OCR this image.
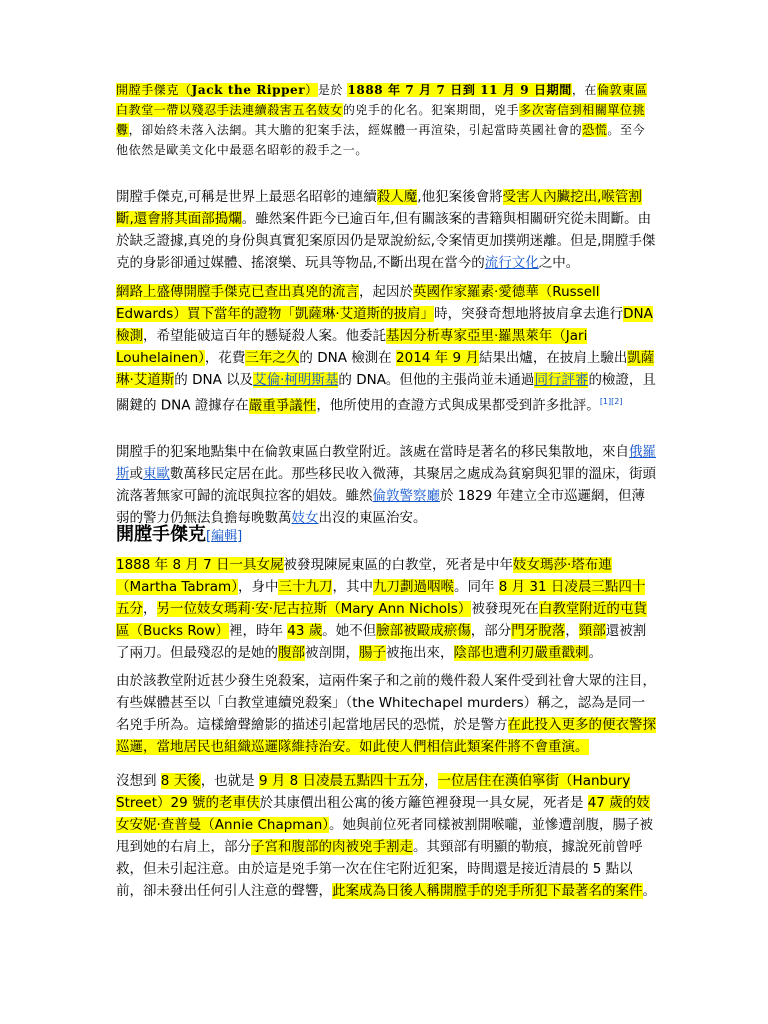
開膛手傑克（Jack the Ripper）是於 1888 年 7 月 7 日到 11 月 9 日期間，在倫敦東區白教堂一帶以殘忍手法連續殺害五名妓女的兇手的化名。犯案期間，兇手多次寄信到相關單位挑釁，卻始終未落入法網。其大膽的犯案手法，經媒體一再渲染，引起當時英國社會的恐慌。至今他依然是歐美文化中最惡名昭彰的殺手之一。

開膛手傑克,可稱是世界上最惡名昭彰的連續殺人魔,他犯案後會將受害人內臟挖出,喉管割斷,還會將其面部搗爛。雖然案件距今已逾百年,但有關該案的書籍與相關研究從未間斷。由於缺乏證據,真兇的身份與真實犯案原因仍是眾說紛紜,令案情更加撲朔迷離。但是,開膛手傑克的身影卻通过媒體、搖滾樂、玩具等物品,不斷出現在當今的流行文化之中。

網路上盛傳開膛手傑克已查出真兇的流言，起因於英國作家羅素·愛德華（Russell Edwards）買下當年的證物「凱薩琳·艾道斯的披肩」時，突發奇想地將披肩拿去進行DNA 檢測，希望能破這百年的懸疑殺人案。他委託基因分析專家亞里·羅黑萊年（Jari Louhelainen），花費三年之久的 DNA 檢測在 2014 年 9 月結果出爐，在披肩上驗出凱薩琳·艾道斯的 DNA 以及艾倫·柯明斯基的 DNA。但他的主張尚並未通過同行評審的檢證，且關鍵的 DNA 證據存在嚴重爭議性，他所使用的查證方式與成果都受到許多批評。[1][2]

開膛手的犯案地點集中在倫敦東區白教堂附近。該處在當時是著名的移民集散地，來自俄羅斯或東歐數萬移民定居在此。那些移民收入微薄，其聚居之處成為貧窮與犯罪的溫床，街頭流落著無家可歸的流氓與拉客的娼妓。雖然倫敦警察廳於 1829 年建立全市巡邏網，但薄弱的警力仍無法負擔每晚數萬妓女出沒的東區治安。

開膛手傑克[編輯]

1888 年 8 月 7 日一具女屍被發現陳屍東區的白教堂，死者是中年妓女瑪莎·塔布連（Martha Tabram），身中三十九刀，其中九刀劃過咽喉。同年 8 月 31 日凌晨三點四十五分，另一位妓女瑪莉·安·尼古拉斯（Mary Ann Nichols）被發現死在白教堂附近的屯貨區（Bucks Row）裡，時年 43 歲。她不但臉部被毆成瘀傷，部分門牙脫落，頸部還被割了兩刀。但最殘忍的是她的腹部被剖開，腸子被拖出來，陰部也遭利刃嚴重戳刺。

由於該教堂附近甚少發生兇殺案，這兩件案子和之前的幾件殺人案件受到社會大眾的注目，有些媒體甚至以「白教堂連續兇殺案」（the Whitechapel murders）稱之，認為是同一名兇手所為。這樣繪聲繪影的描述引起當地居民的恐慌，於是警方在此投入更多的便衣警探巡邏，當地居民也組織巡邏隊維持治安。如此使人們相信此類案件將不會重演。

沒想到 8 天後，也就是 9 月 8 日凌晨五點四十五分，一位居住在漢伯寧街（Hanbury Street）29 號的老車伕於其康價出租公寓的後方籬笆裡發現一具女屍，死者是 47 歲的妓女安妮·查普曼（Annie Chapman）。她與前位死者同樣被割開喉嚨，並慘遭剖腹，腸子被甩到她的右肩上，部分子宮和腹部的肉被兇手割走。其頸部有明顯的勒痕，據說死前曾呼救，但未引起注意。由於這是兇手第一次在住宅附近犯案，時間還是接近清晨的 5 點以前，卻未發出任何引人注意的聲響，此案成為日後人稱開膛手的兇手所犯下最著名的案件。
